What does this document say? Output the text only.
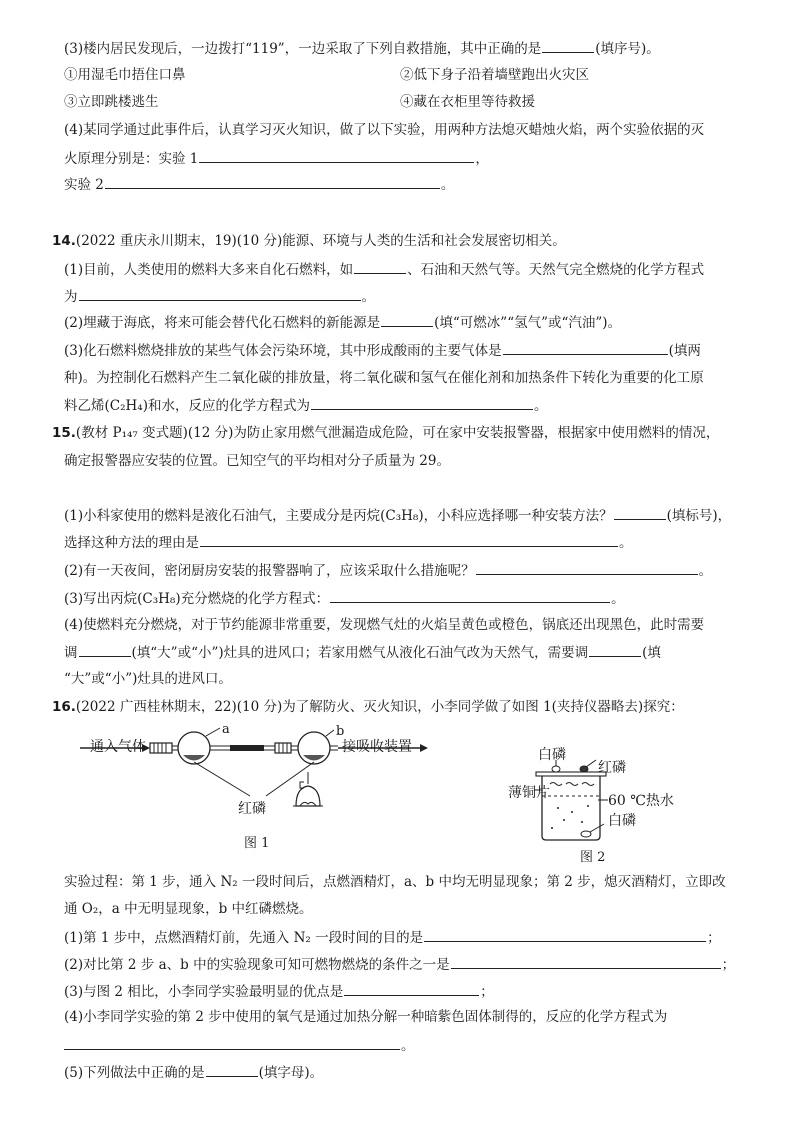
(3)楼内居民发现后，一边拨打“119”，一边采取了下列自救措施，其中正确的是	(填序号)。
①用湿毛巾捂住口鼻	②低下身子沿着墙壁跑出火灾区
③立即跳楼逃生	④藏在衣柜里等待救援
(4)某同学通过此事件后，认真学习灭火知识，做了以下实验，用两种方法熄灭蜡烛火焰，两个实验依据的灭
火原理分别是：实验 1	，
实验 2	。
14.(2022 重庆永川期末，19)(10 分)能源、环境与人类的生活和社会发展密切相关。
(1)目前，人类使用的燃料大多来自化石燃料，如	、石油和天然气等。天然气完全燃烧的化学方程式
为	。
(2)埋藏于海底，将来可能会替代化石燃料的新能源是	(填“可燃冰”“氢气”或“汽油”)。
(3)化石燃料燃烧排放的某些气体会污染环境，其中形成酸雨的主要气体是	(填两
种)。为控制化石燃料产生二氧化碳的排放量，将二氧化碳和氢气在催化剂和加热条件下转化为重要的化工原
料乙烯(C₂H₄)和水，反应的化学方程式为	。
15.(教材 P₁₄₇ 变式题)(12 分)为防止家用燃气泄漏造成危险，可在家中安装报警器，根据家中使用燃料的情况，
确定报警器应安装的位置。已知空气的平均相对分子质量为 29。
(1)小科家使用的燃料是液化石油气，主要成分是丙烷(C₃H₈)，小科应选择哪一种安装方法？	(填标号)，
选择这种方法的理由是	。
(2)有一天夜间，密闭厨房安装的报警器响了，应该采取什么措施呢？	。
(3)写出丙烷(C₃H₈)充分燃烧的化学方程式：	。
(4)使燃料充分燃烧，对于节约能源非常重要，发现燃气灶的火焰呈黄色或橙色，锅底还出现黑色，此时需要
调	(填“大”或“小”)灶具的进风口；若家用燃气从液化石油气改为天然气，需要调	(填
“大”或“小”)灶具的进风口。
16.(2022 广西桂林期末，22)(10 分)为了解防火、灭火知识，小李同学做了如图 1(夹持仪器略去)探究：
通入气体
a	b
接吸收装置
红磷
图 1
白磷
红磷
薄铜片	60 ℃热水
白磷
图 2
实验过程：第 1 步，通入 N₂ 一段时间后，点燃酒精灯，a、b 中均无明显现象；第 2 步，熄灭酒精灯，立即改
通 O₂，a 中无明显现象，b 中红磷燃烧。
(1)第 1 步中，点燃酒精灯前，先通入 N₂ 一段时间的目的是	；
(2)对比第 2 步 a、b 中的实验现象可知可燃物燃烧的条件之一是	；
(3)与图 2 相比，小李同学实验最明显的优点是	；
(4)小李同学实验的第 2 步中使用的氧气是通过加热分解一种暗紫色固体制得的，反应的化学方程式为
。
(5)下列做法中正确的是	(填字母)。
